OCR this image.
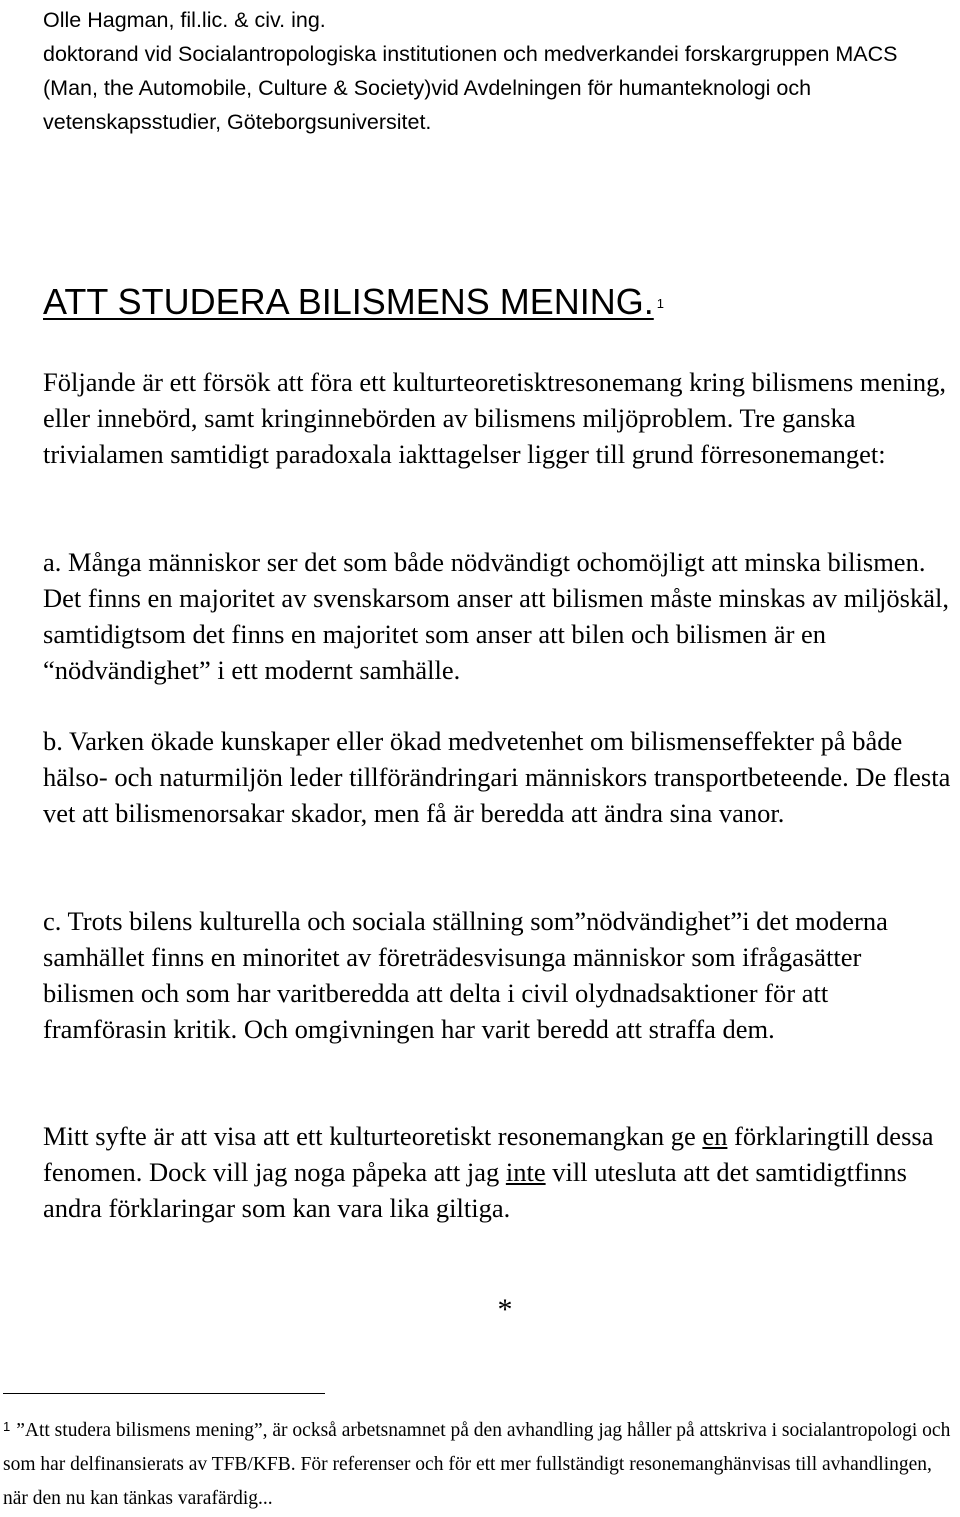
Olle Hagman, fil.lic. & civ. ing.
doktorand vid Socialantropologiska institutionen och medverkandei forskargruppen MACS (Man, the Automobile, Culture & Society)vid Avdelningen för humanteknologi och vetenskapsstudier, Göteborgsuniversitet.
ATT STUDERA BILISMENS MENING. $^1$

Följande är ett försök att föra ett kulturteoretisktresonemang kring bilismens mening, eller innebörd, samt kringinnebörden av bilismens miljöproblem. Tre ganska trivialamen samtidigt paradoxala iakttagelser ligger till grund förresonemanget:

a. Många människor ser det som både nödvändigt ochomöjligt att minska bilismen. Det finns en majoritet av svenskarsom anser att bilismen måste minskas av miljöskäl, samtidigtsom det finns en majoritet som anser att bilen och bilismen är en “nödvändighet” i ett modernt samhälle.

b. Varken ökade kunskaper eller ökad medvetenhet om bilismenseffekter på både hälso- och naturmiljön leder tillförändringari människors transportbeteende. De flesta vet att bilismenorsakar skador, men få är beredda att ändra sina vanor.

c. Trots bilens kulturella och sociala ställning som”nödvändighet”i det moderna samhället finns en minoritet av företrädesvisunga människor som ifrågasätter bilismen och som har varitberedda att delta i civil olydnadsaktioner för att framförasin kritik. Och omgivningen har varit beredd att straffa dem.

Mitt syfte är att visa att ett kulturteoretiskt resonemangkan ge en förklaringtill dessa fenomen. Dock vill jag noga påpeka att jag inte vill utesluta att det samtidigtfinns andra förklaringar som kan vara lika giltiga.

*
$^1$ ”Att studera bilismens mening”, är också arbetsnamnet på den avhandling jag håller på attskriva i socialantropologi och som har delfinansierats av TFB/KFB. För referenser och för ett mer fullständigt resonemanghänvisas till avhandlingen, när den nu kan tänkas varafärdig...
